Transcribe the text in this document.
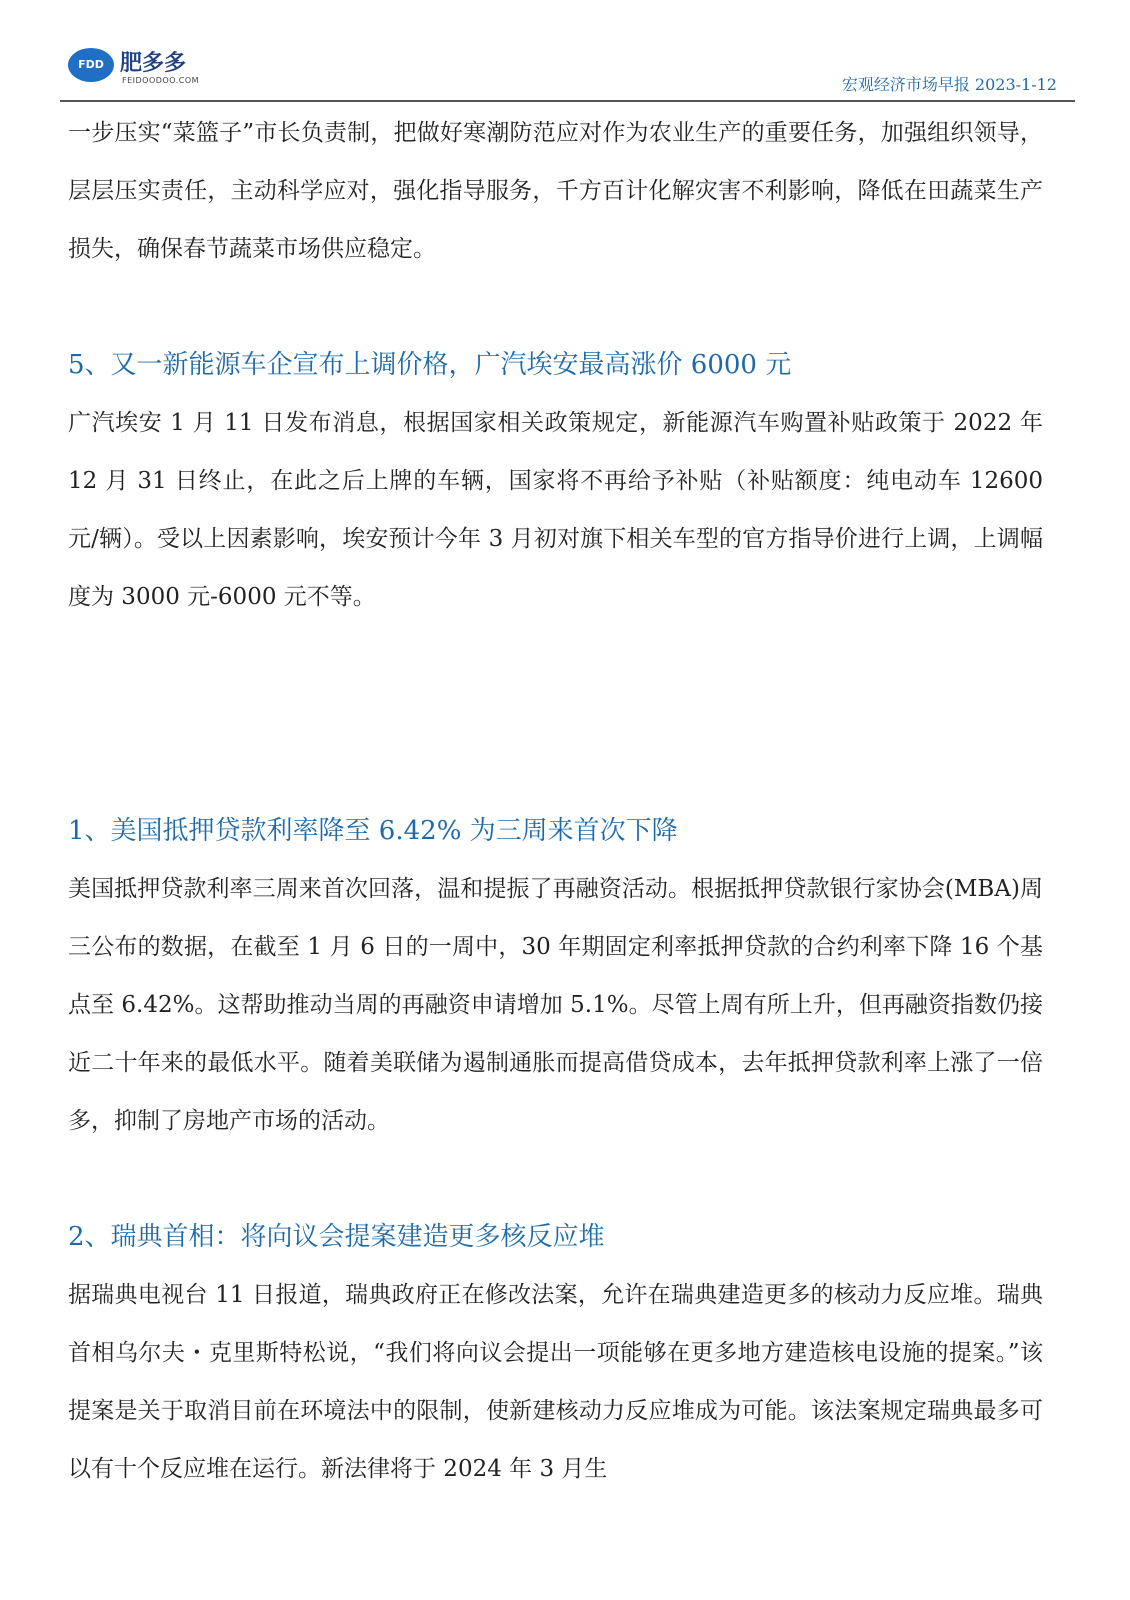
FDD 肥多多
FEIDOODOO.COM	宏观经济市场早报 2023-1-12

一步压实“菜篮子”市长负责制，把做好寒潮防范应对作为农业生产的重要任务，加强组织领导，层层压实责任，主动科学应对，强化指导服务，千方百计化解灾害不利影响，降低在田蔬菜生产损失，确保春节蔬菜市场供应稳定。

5、又一新能源车企宣布上调价格，广汽埃安最高涨价 6000 元

广汽埃安 1 月 11 日发布消息，根据国家相关政策规定，新能源汽车购置补贴政策于 2022 年 12 月 31 日终止，在此之后上牌的车辆，国家将不再给予补贴（补贴额度：纯电动车 12600 元/辆）。受以上因素影响，埃安预计今年 3 月初对旗下相关车型的官方指导价进行上调，上调幅度为 3000 元-6000 元不等。

1、美国抵押贷款利率降至 6.42% 为三周来首次下降

美国抵押贷款利率三周来首次回落，温和提振了再融资活动。根据抵押贷款银行家协会(MBA)周三公布的数据，在截至 1 月 6 日的一周中，30 年期固定利率抵押贷款的合约利率下降 16 个基点至 6.42%。这帮助推动当周的再融资申请增加 5.1%。尽管上周有所上升，但再融资指数仍接近二十年来的最低水平。随着美联储为遏制通胀而提高借贷成本，去年抵押贷款利率上涨了一倍多，抑制了房地产市场的活动。

2、瑞典首相：将向议会提案建造更多核反应堆

据瑞典电视台 11 日报道，瑞典政府正在修改法案，允许在瑞典建造更多的核动力反应堆。瑞典首相乌尔夫・克里斯特松说，“我们将向议会提出一项能够在更多地方建造核电设施的提案。”该提案是关于取消目前在环境法中的限制，使新建核动力反应堆成为可能。该法案规定瑞典最多可以有十个反应堆在运行。新法律将于 2024 年 3 月生
